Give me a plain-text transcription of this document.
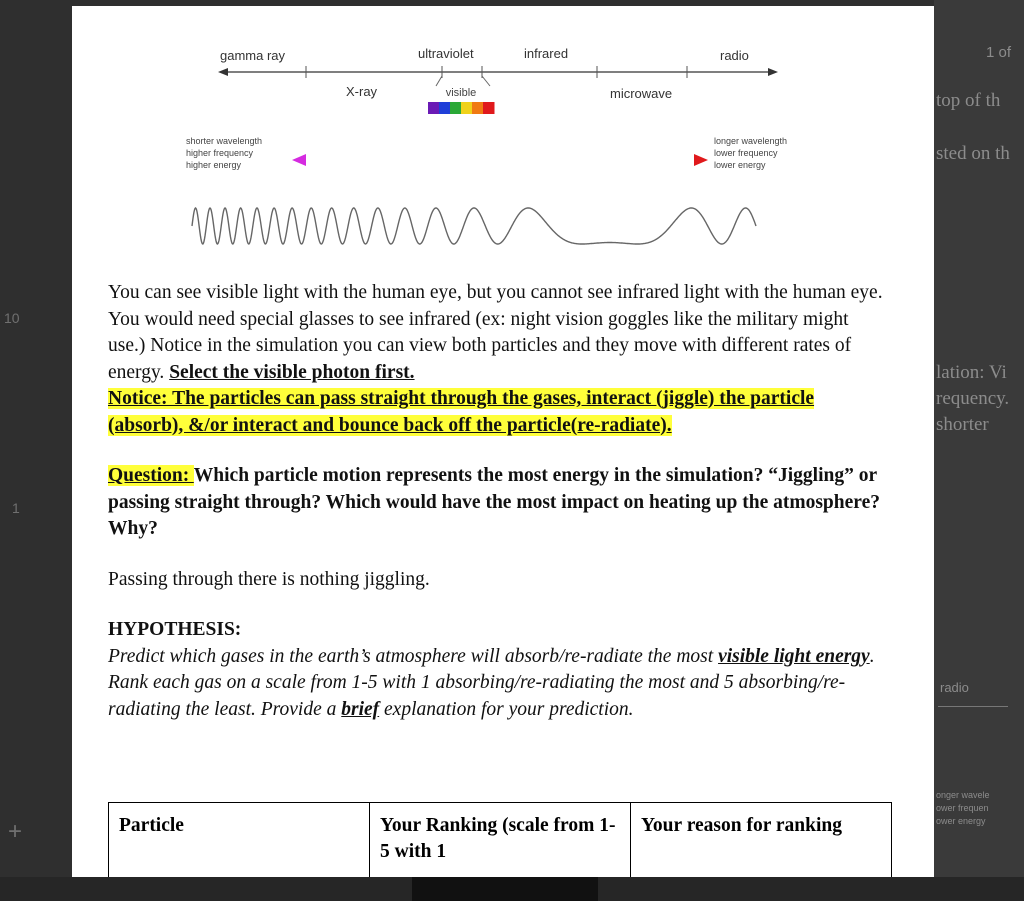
1 of
top of th
sted on th
lation: Vi
requency.
shorter
radio
onger wavele
ower frequen
ower energy
10
1
+
gamma ray	ultraviolet	infrared	radio
X-ray	visible	microwave
shorter wavelength
higher frequency
higher energy
longer wavelength
lower frequency
lower energy

You can see visible light with the human eye, but you cannot see infrared light with the human eye. You would need special glasses to see infrared (ex: night vision goggles like the military might use.) Notice in the simulation you can view both particles and they move with different rates of energy. Select the visible photon first.

Notice: The particles can pass straight through the gases, interact (jiggle) the particle (absorb), &/or interact and bounce back off the particle(re-radiate).

Question: Which particle motion represents the most energy in the simulation? “Jiggling” or passing straight through? Which would have the most impact on heating up the atmosphere? Why?

Passing through there is nothing jiggling.

HYPOTHESIS:

Predict which gases in the earth’s atmosphere will absorb/re-radiate the most visible light energy. Rank each gas on a scale from 1-5 with 1 absorbing/re-radiating the most and 5 absorbing/re-radiating the least. Provide a brief explanation for your prediction.

Particle	Your Ranking (scale from 1-5 with 1	Your reason for ranking
